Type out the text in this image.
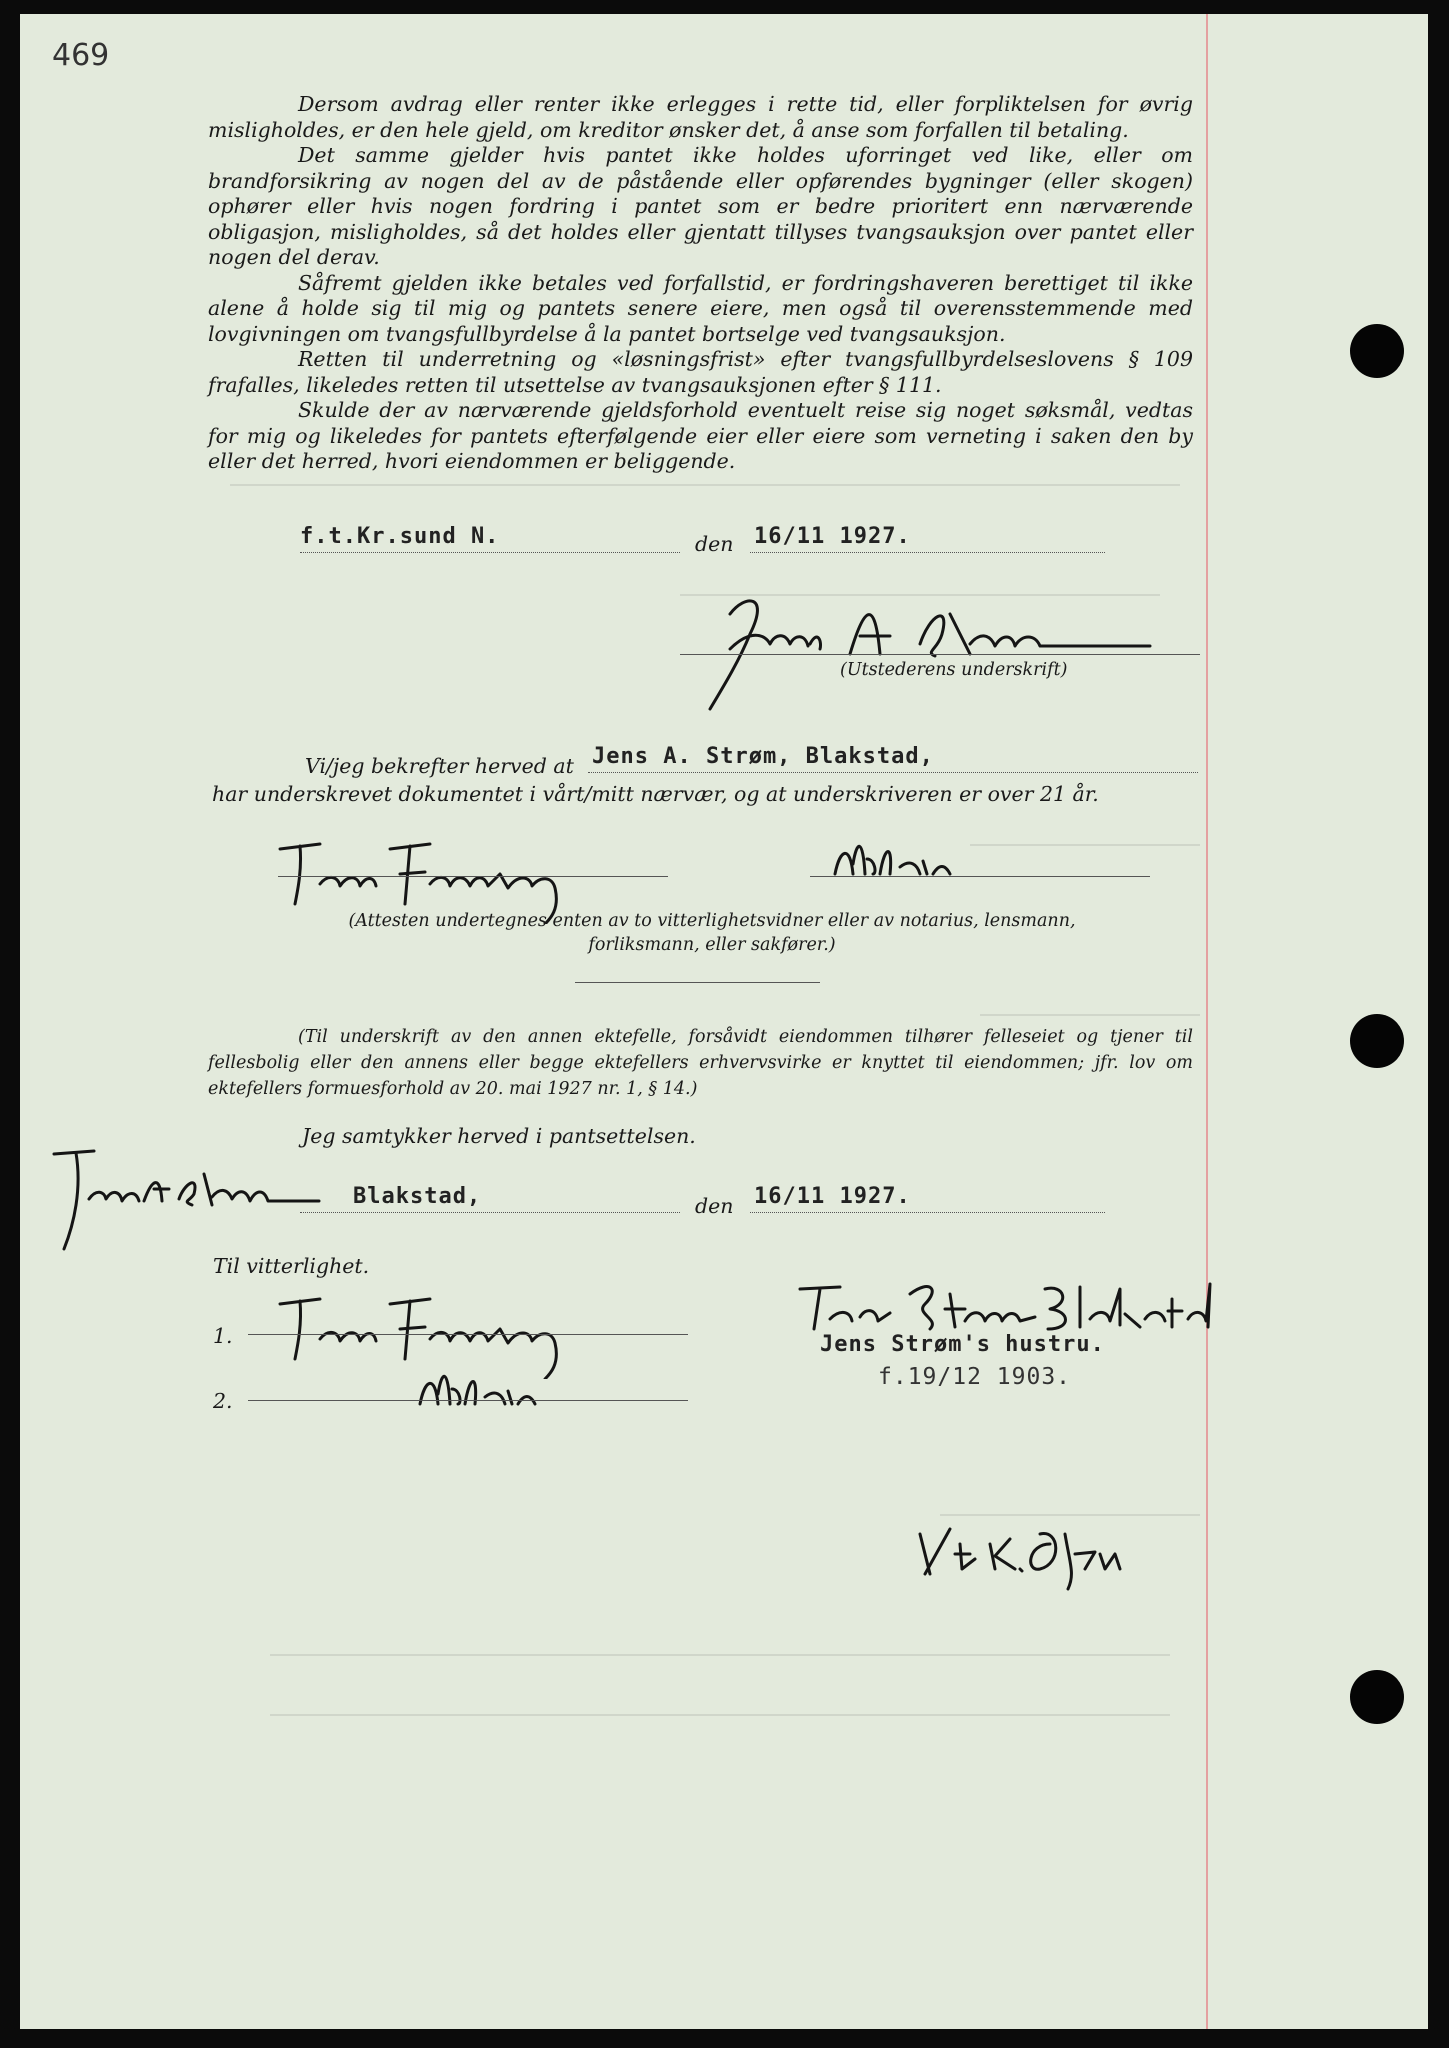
469

Dersom avdrag eller renter ikke erlegges i rette tid, eller forpliktelsen for øvrig misligholdes, er den hele gjeld, om kreditor ønsker det, å anse som forfallen til betaling.

Det samme gjelder hvis pantet ikke holdes uforringet ved like, eller om brandforsikring av nogen del av de påstående eller opførendes bygninger (eller skogen) ophører eller hvis nogen fordring i pantet som er bedre prioritert enn nærværende obligasjon, misligholdes, så det holdes eller gjentatt tillyses tvangsauksjon over pantet eller nogen del derav.

Såfremt gjelden ikke betales ved forfallstid, er fordringshaveren berettiget til ikke alene å holde sig til mig og pantets senere eiere, men også til overensstemmende med lovgivningen om tvangsfullbyrdelse å la pantet bortselge ved tvangsauksjon.

Retten til underretning og «løsningsfrist» efter tvangsfullbyrdelseslovens § 109 frafalles, likeledes retten til utsettelse av tvangsauksjonen efter § 111.

Skulde der av nærværende gjeldsforhold eventuelt reise sig noget søksmål, vedtas for mig og likeledes for pantets efterfølgende eier eller eiere som verneting i saken den by eller det herred, hvori eiendommen er beliggende.

f.t.Kr.sund N.	den 16/11 1927.
(Utstederens underskrift)
Vi/jeg bekrefter herved at Jens A. Strøm, Blakstad,
har underskrevet dokumentet i vårt/mitt nærvær, og at underskriveren er over 21 år.
(Attesten undertegnes enten av to vitterlighetsvidner eller av notarius, lensmann, forliksmann, eller sakfører.)
(Til underskrift av den annen ektefelle, forsåvidt eiendommen tilhører felleseiet og tjener til fellesbolig eller den annens eller begge ektefellers erhvervsvirke er knyttet til eiendommen; jfr. lov om ektefellers formuesforhold av 20. mai 1927 nr. 1, § 14.)
Jeg samtykker herved i pantsettelsen.
Blakstad,	den 16/11 1927.
Til vitterlighet.
1.
2.
Jens Strøm's hustru.
f.19/12 1903.
